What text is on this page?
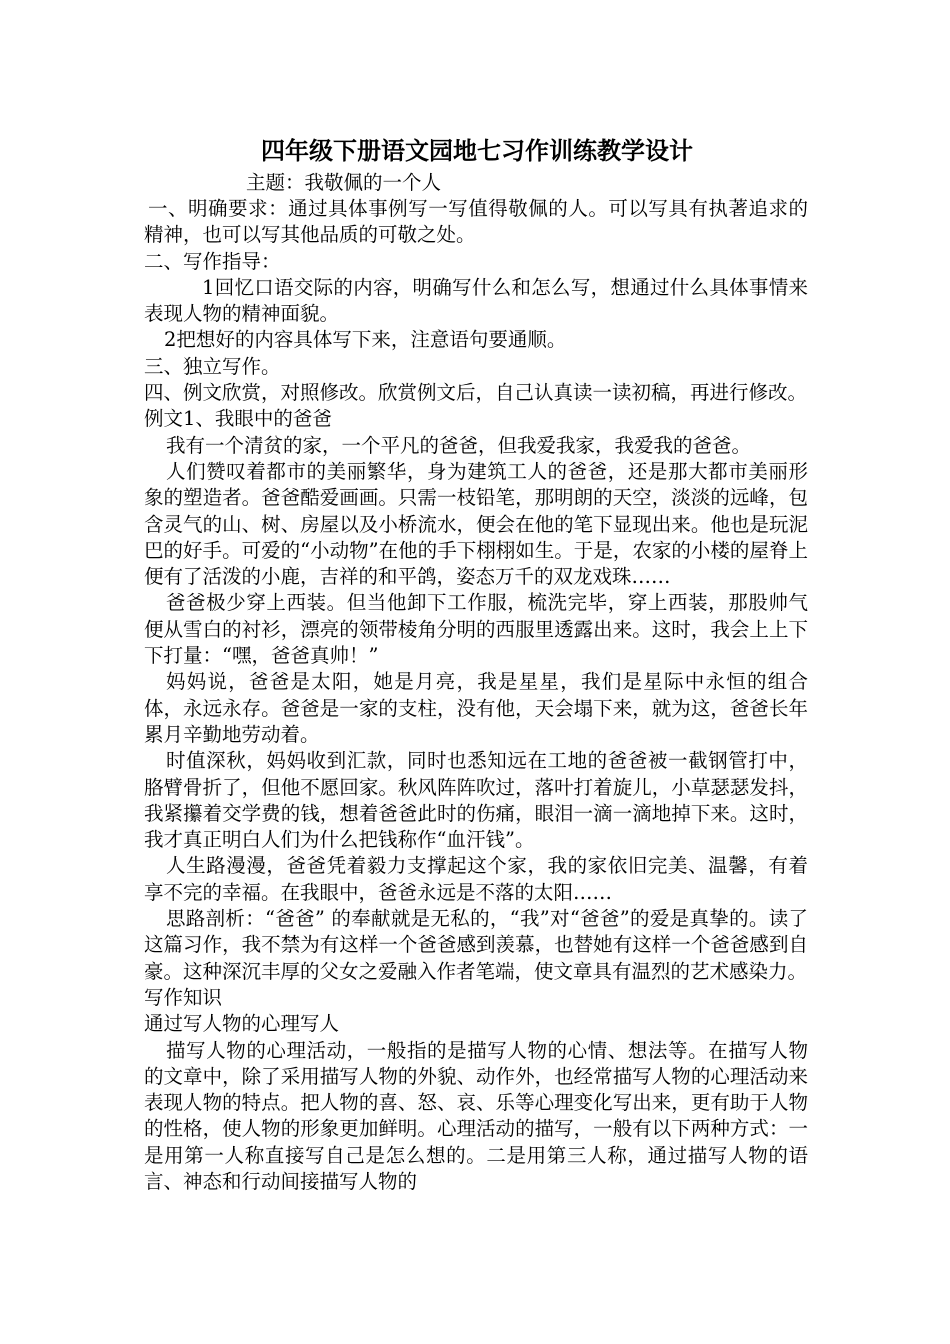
四年级下册语文园地七习作训练教学设计

主题：我敬佩的一个人

一、明确要求：通过具体事例写一写值得敬佩的人。可以写具有执著追求的精神，也可以写其他品质的可敬之处。

二、写作指导：

1回忆口语交际的内容，明确写什么和怎么写，想通过什么具体事情来表现人物的精神面貌。

2把想好的内容具体写下来，注意语句要通顺。

三、独立写作。

四、例文欣赏，对照修改。欣赏例文后，自己认真读一读初稿，再进行修改。

例文1、我眼中的爸爸

我有一个清贫的家，一个平凡的爸爸，但我爱我家，我爱我的爸爸。

人们赞叹着都市的美丽繁华，身为建筑工人的爸爸，还是那大都市美丽形象的塑造者。爸爸酷爱画画。只需一枝铅笔，那明朗的天空，淡淡的远峰，包含灵气的山、树、房屋以及小桥流水，便会在他的笔下显现出来。他也是玩泥巴的好手。可爱的“小动物”在他的手下栩栩如生。于是，农家的小楼的屋脊上便有了活泼的小鹿，吉祥的和平鸽，姿态万千的双龙戏珠……

爸爸极少穿上西装。但当他卸下工作服，梳洗完毕，穿上西装，那股帅气便从雪白的衬衫，漂亮的领带棱角分明的西服里透露出来。这时，我会上上下下打量：“嘿，爸爸真帅！”

妈妈说，爸爸是太阳，她是月亮，我是星星，我们是星际中永恒的组合体，永远永存。爸爸是一家的支柱，没有他，天会塌下来，就为这，爸爸长年累月辛勤地劳动着。

时值深秋，妈妈收到汇款，同时也悉知远在工地的爸爸被一截钢管打中，胳臂骨折了，但他不愿回家。秋风阵阵吹过，落叶打着旋儿，小草瑟瑟发抖，我紧攥着交学费的钱，想着爸爸此时的伤痛，眼泪一滴一滴地掉下来。这时，我才真正明白人们为什么把钱称作“血汗钱”。

人生路漫漫，爸爸凭着毅力支撑起这个家，我的家依旧完美、温馨，有着享不完的幸福。在我眼中，爸爸永远是不落的太阳……

思路剖析：“爸爸” 的奉献就是无私的，“我”对“爸爸”的爱是真挚的。读了这篇习作，我不禁为有这样一个爸爸感到羡慕，也替她有这样一个爸爸感到自豪。这种深沉丰厚的父女之爱融入作者笔端，使文章具有温烈的艺术感染力。

写作知识

通过写人物的心理写人

描写人物的心理活动，一般指的是描写人物的心情、想法等。在描写人物的文章中，除了采用描写人物的外貌、动作外，也经常描写人物的心理活动来表现人物的特点。把人物的喜、怒、哀、乐等心理变化写出来，更有助于人物的性格，使人物的形象更加鲜明。心理活动的描写，一般有以下两种方式：一是用第一人称直接写自己是怎么想的。二是用第三人称，通过描写人物的语言、神态和行动间接描写人物的
